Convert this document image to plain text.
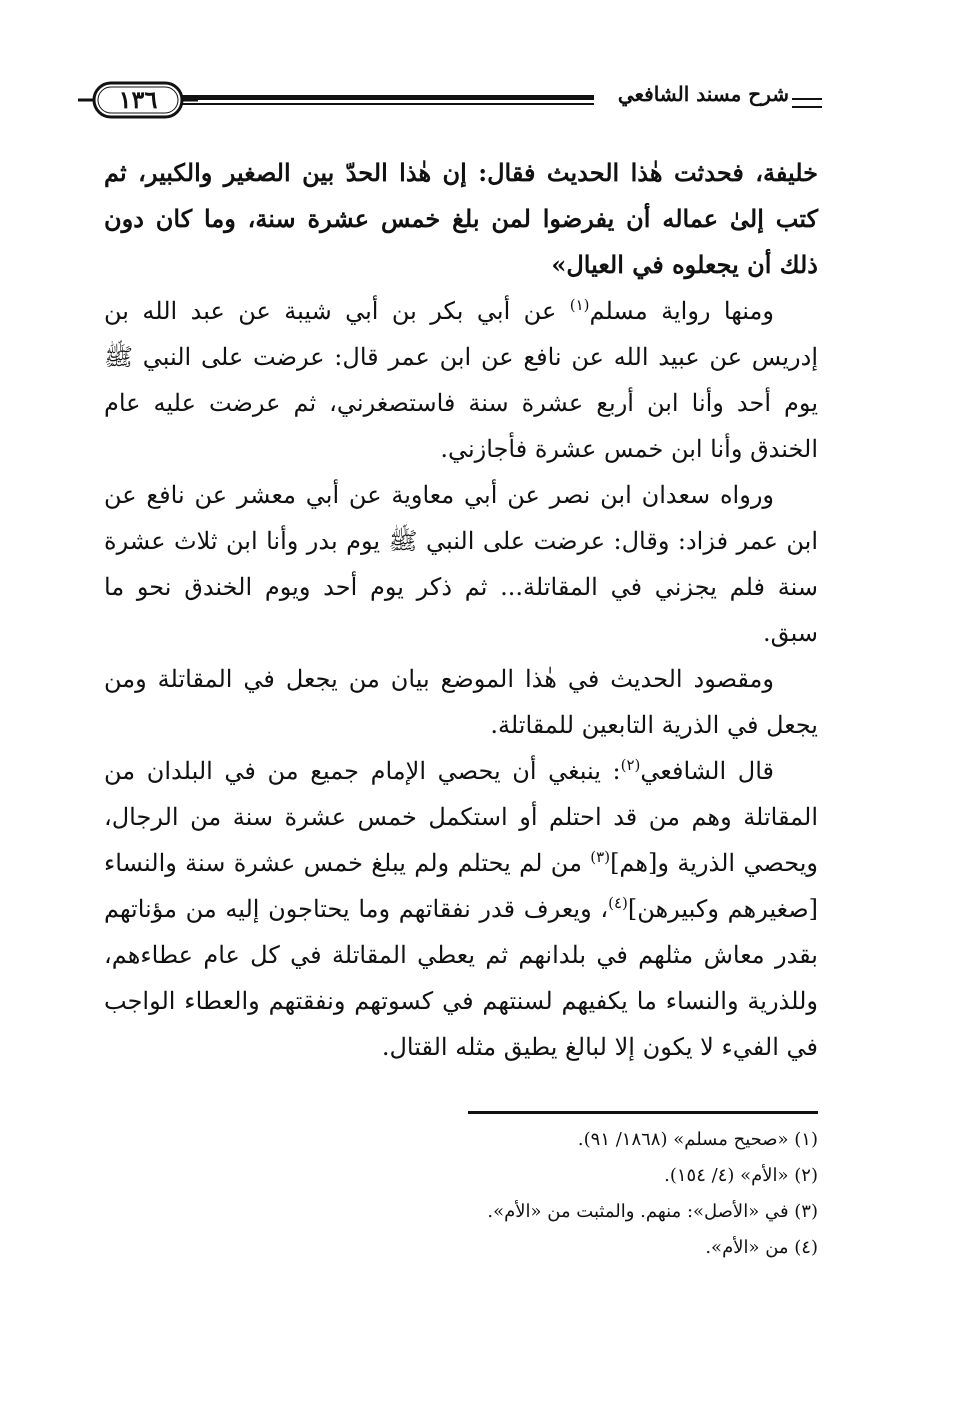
شرح مسند الشافعي
١٣٦

خليفة، فحدثت هٰذا الحديث فقال: إن هٰذا الحدّ بين الصغير والكبير، ثم كتب إلىٰ عماله أن يفرضوا لمن بلغ خمس عشرة سنة، وما كان دون ذلك أن يجعلوه في العيال»

ومنها رواية مسلم$^{(١)}$ عن أبي بكر بن أبي شيبة عن عبد الله بن إدريس عن عبيد الله عن نافع عن ابن عمر قال: عرضت على النبي ﷺ يوم أحد وأنا ابن أربع عشرة سنة فاستصغرني، ثم عرضت عليه عام الخندق وأنا ابن خمس عشرة فأجازني.

ورواه سعدان ابن نصر عن أبي معاوية عن أبي معشر عن نافع عن ابن عمر فزاد: وقال: عرضت على النبي ﷺ يوم بدر وأنا ابن ثلاث عشرة سنة فلم يجزني في المقاتلة... ثم ذكر يوم أحد ويوم الخندق نحو ما سبق.

ومقصود الحديث في هٰذا الموضع بيان من يجعل في المقاتلة ومن يجعل في الذرية التابعين للمقاتلة.

قال الشافعي$^{(٢)}$: ينبغي أن يحصي الإمام جميع من في البلدان من المقاتلة وهم من قد احتلم أو استكمل خمس عشرة سنة من الرجال، ويحصي الذرية و[هم]$^{(٣)}$ من لم يحتلم ولم يبلغ خمس عشرة سنة والنساء [صغيرهم وكبيرهن]$^{(٤)}$، ويعرف قدر نفقاتهم وما يحتاجون إليه من مؤناتهم بقدر معاش مثلهم في بلدانهم ثم يعطي المقاتلة في كل عام عطاءهم، وللذرية والنساء ما يكفيهم لسنتهم في كسوتهم ونفقتهم والعطاء الواجب في الفيء لا يكون إلا لبالغ يطيق مثله القتال.

(١) «صحيح مسلم» (١٨٦٨/ ٩١).

(٢) «الأم» (٤/ ١٥٤).

(٣) في «الأصل»: منهم. والمثبت من «الأم».

(٤) من «الأم».
